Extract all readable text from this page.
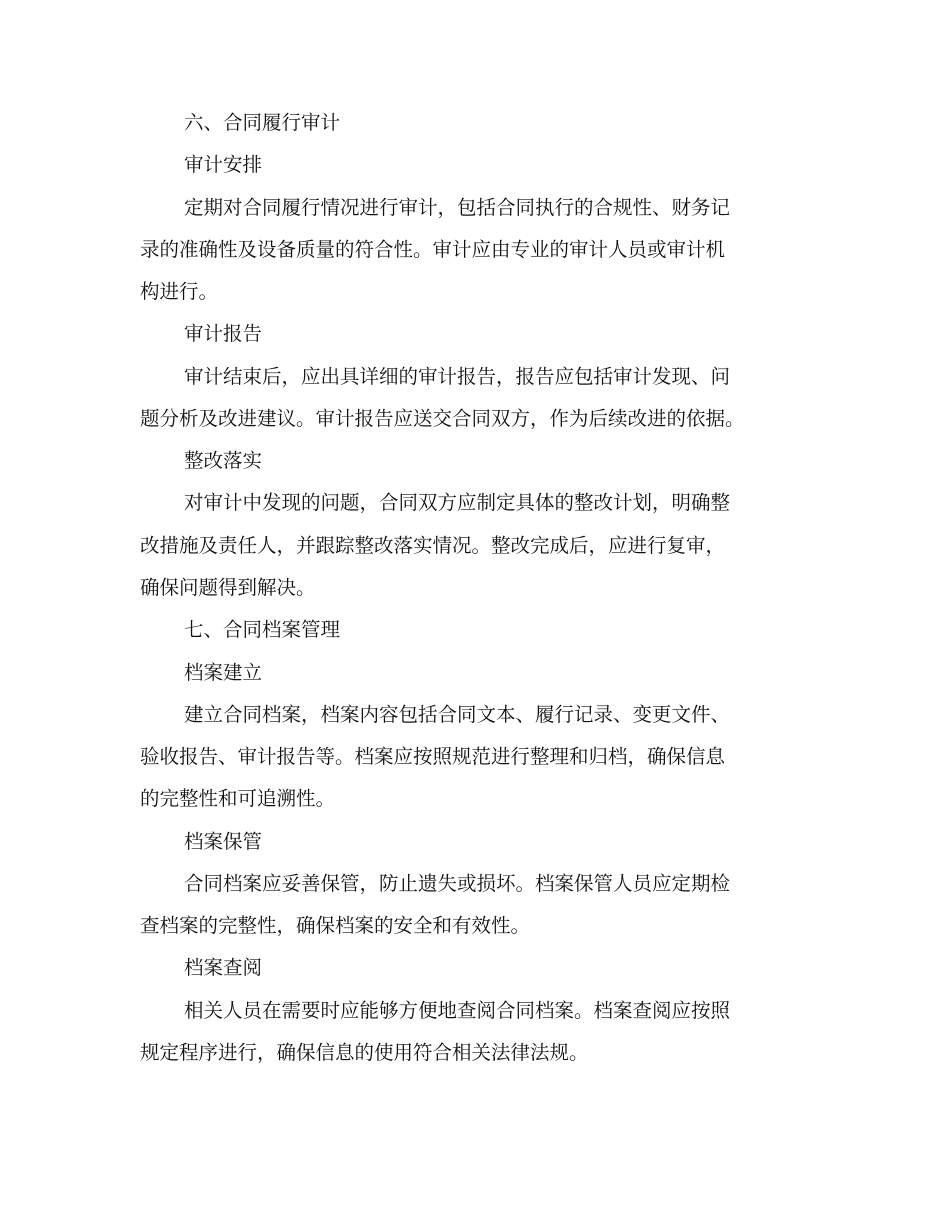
六、合同履行审计

审计安排

定期对合同履行情况进行审计，包括合同执行的合规性、财务记

录的准确性及设备质量的符合性。审计应由专业的审计人员或审计机

构进行。

审计报告

审计结束后，应出具详细的审计报告，报告应包括审计发现、问

题分析及改进建议。审计报告应送交合同双方，作为后续改进的依据。

整改落实

对审计中发现的问题，合同双方应制定具体的整改计划，明确整

改措施及责任人，并跟踪整改落实情况。整改完成后，应进行复审，

确保问题得到解决。

七、合同档案管理

档案建立

建立合同档案，档案内容包括合同文本、履行记录、变更文件、

验收报告、审计报告等。档案应按照规范进行整理和归档，确保信息

的完整性和可追溯性。

档案保管

合同档案应妥善保管，防止遗失或损坏。档案保管人员应定期检

查档案的完整性，确保档案的安全和有效性。

档案查阅

相关人员在需要时应能够方便地查阅合同档案。档案查阅应按照

规定程序进行，确保信息的使用符合相关法律法规。
